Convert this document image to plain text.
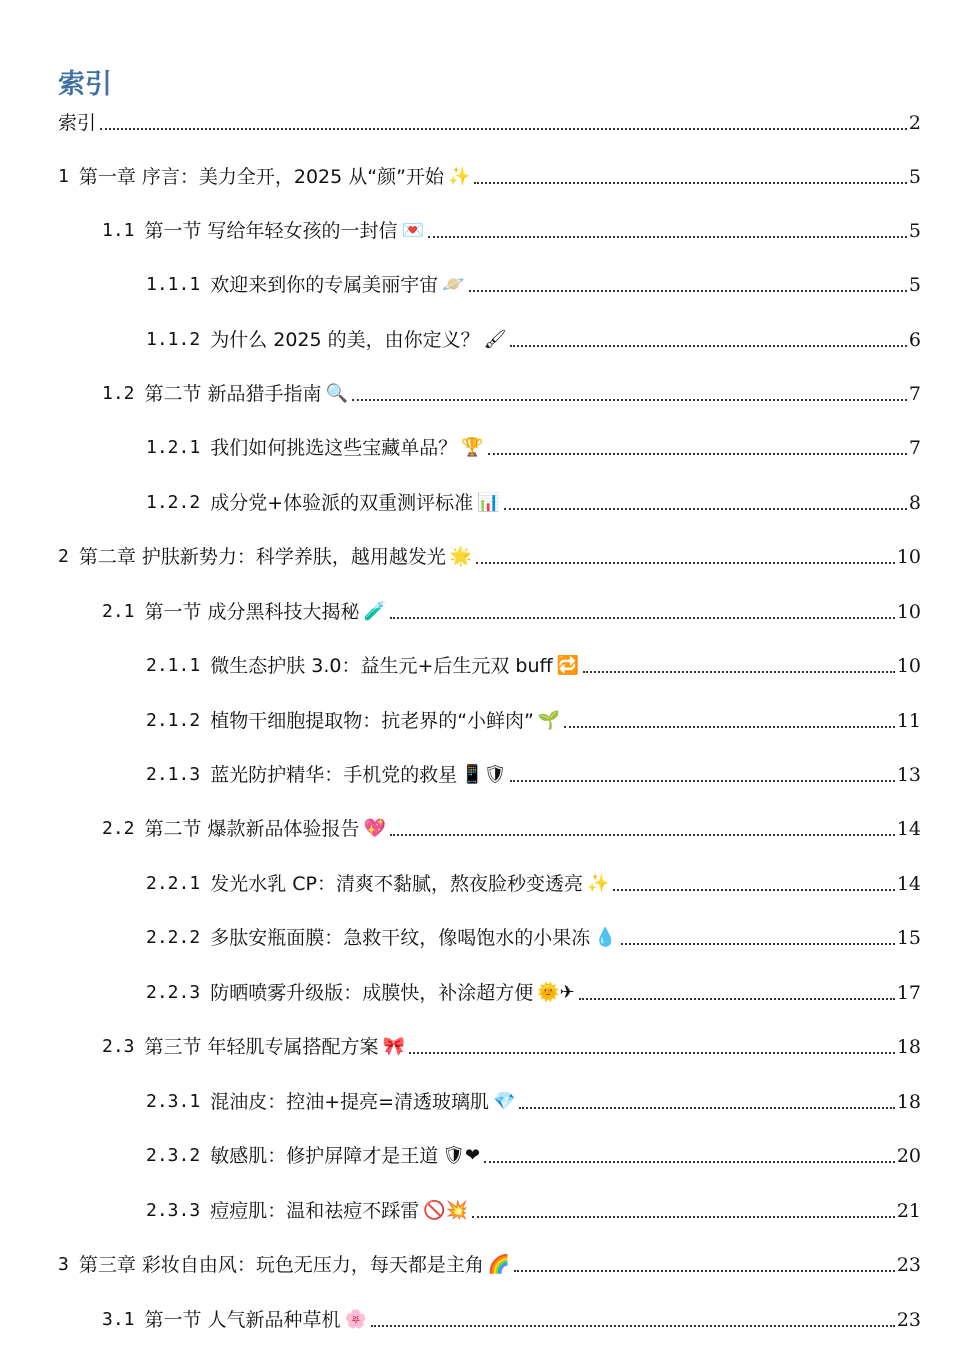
索引
索引	2
1 第一章 序言：美力全开，2025 从“颜”开始 ✨	5
1.1 第一节 写给年轻女孩的一封信 💌	5
1.1.1 欢迎来到你的专属美丽宇宙 🪐	5
1.1.2 为什么 2025 的美，由你定义？ 🖌	6
1.2 第二节 新品猎手指南 🔍	7
1.2.1 我们如何挑选这些宝藏单品？ 🏆	7
1.2.2 成分党+体验派的双重测评标准 📊	8
2 第二章 护肤新势力：科学养肤，越用越发光 🌟	10
2.1 第一节 成分黑科技大揭秘 🧪	10
2.1.1 微生态护肤 3.0：益生元+后生元双 buff 🔁	10
2.1.2 植物干细胞提取物：抗老界的“小鲜肉” 🌱	11
2.1.3 蓝光防护精华：手机党的救星 📱🛡	13
2.2 第二节 爆款新品体验报告 💖	14
2.2.1 发光水乳 CP：清爽不黏腻，熬夜脸秒变透亮 ✨	14
2.2.2 多肽安瓶面膜：急救干纹，像喝饱水的小果冻 💧	15
2.2.3 防晒喷雾升级版：成膜快，补涂超方便 🌞✈	17
2.3 第三节 年轻肌专属搭配方案 🎀	18
2.3.1 混油皮：控油+提亮=清透玻璃肌 💎	18
2.3.2 敏感肌：修护屏障才是王道 🛡❤	20
2.3.3 痘痘肌：温和祛痘不踩雷 🚫💥	21
3 第三章 彩妆自由风：玩色无压力，每天都是主角 🌈	23
3.1 第一节 人气新品种草机 🌸	23
